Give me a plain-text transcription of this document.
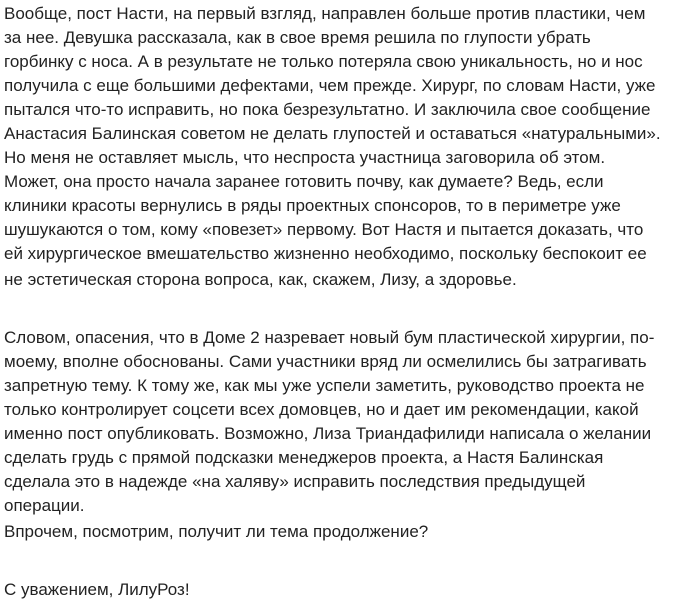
Вообще, пост Насти, на первый взгляд, направлен больше против пластики, чем
за нее. Девушка рассказала, как в свое время решила по глупости убрать
горбинку с носа. А в результате не только потеряла свою уникальность, но и нос
получила с еще большими дефектами, чем прежде. Хирург, по словам Насти, уже
пытался что-то исправить, но пока безрезультатно. И заключила свое сообщение
Анастасия Балинская советом не делать глупостей и оставаться «натуральными».
Но меня не оставляет мысль, что неспроста участница заговорила об этом.
Может, она просто начала заранее готовить почву, как думаете? Ведь, если
клиники красоты вернулись в ряды проектных спонсоров, то в периметре уже
шушукаются о том, кому «повезет» первому. Вот Настя и пытается доказать, что
ей хирургическое вмешательство жизненно необходимо, поскольку беспокоит ее
не эстетическая сторона вопроса, как, скажем, Лизу, а здоровье.
Словом, опасения, что в Доме 2 назревает новый бум пластической хирургии, по-
моему, вполне обоснованы. Сами участники вряд ли осмелились бы затрагивать
запретную тему. К тому же, как мы уже успели заметить, руководство проекта не
только контролирует соцсети всех домовцев, но и дает им рекомендации, какой
именно пост опубликовать. Возможно, Лиза Триандафилиди написала о желании
сделать грудь с прямой подсказки менеджеров проекта, а Настя Балинская
сделала это в надежде «на халяву» исправить последствия предыдущей
операции.
Впрочем, посмотрим, получит ли тема продолжение?
С уважением, ЛилуРоз!
